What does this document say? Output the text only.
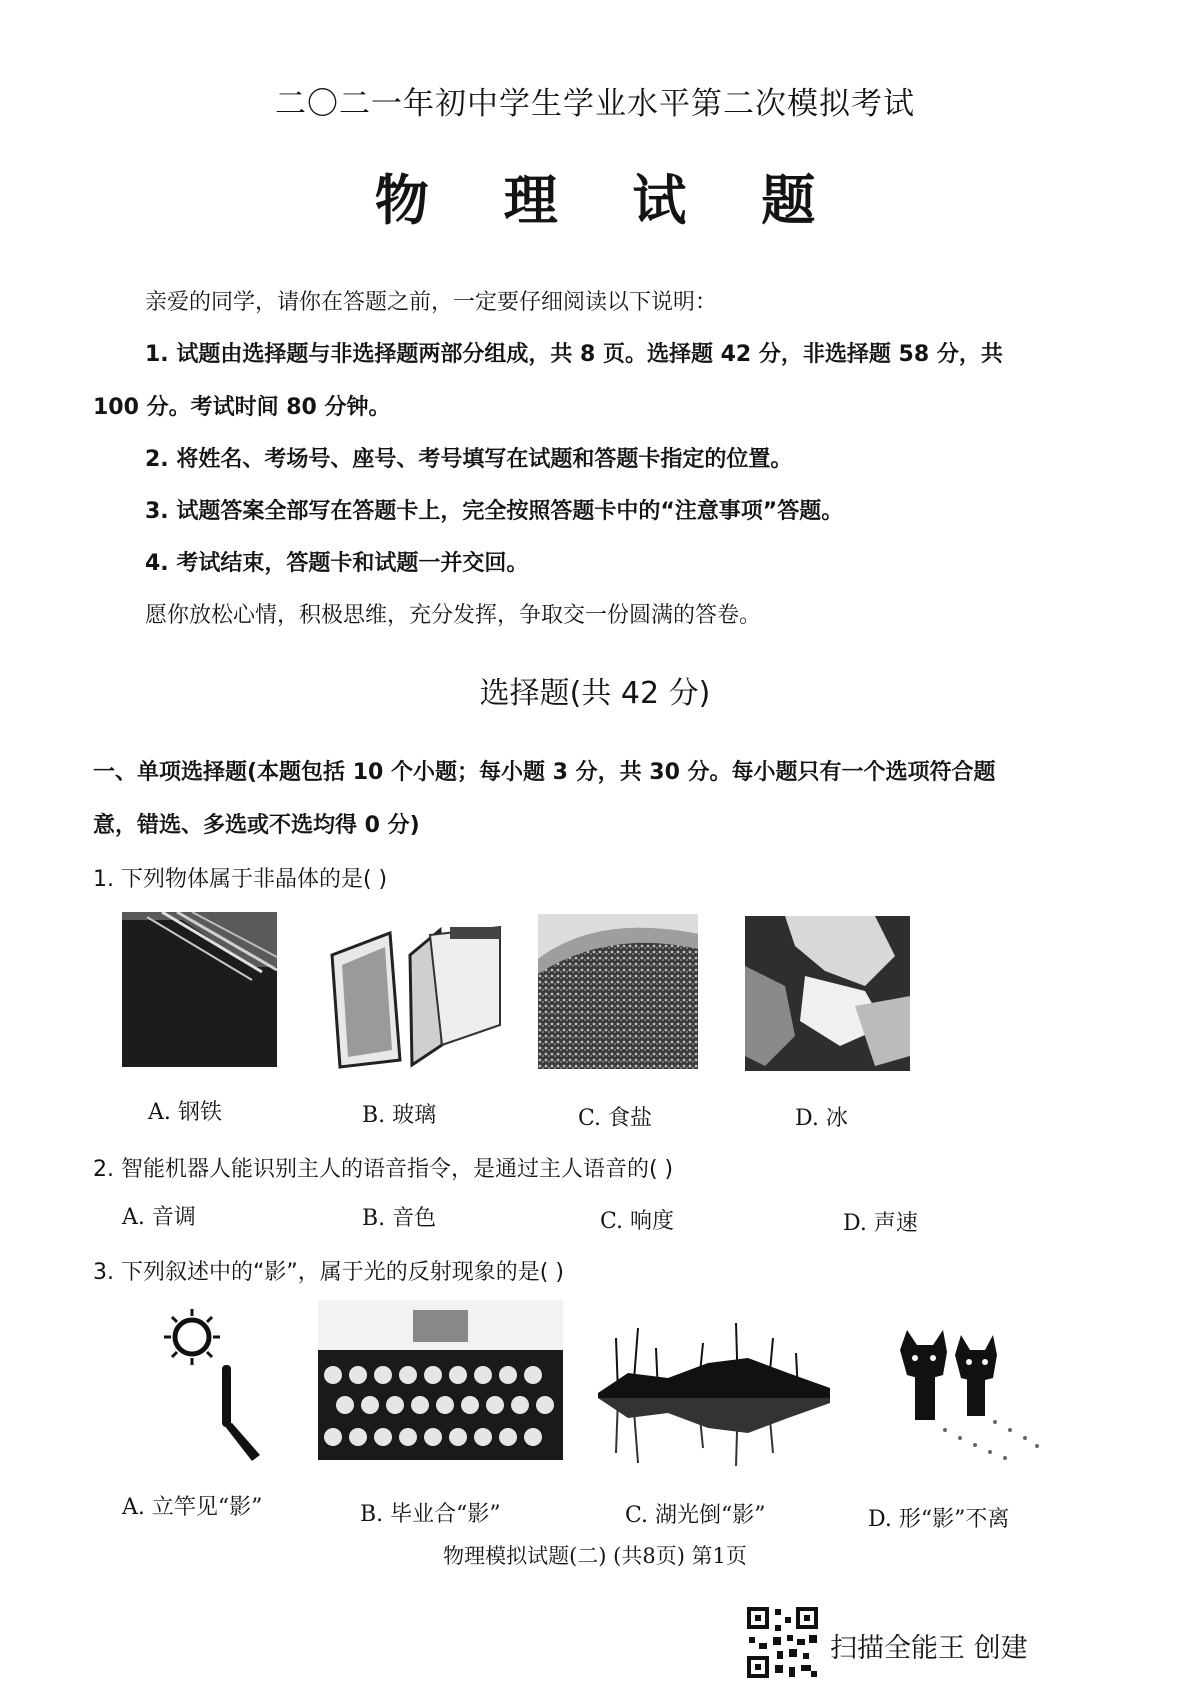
二〇二一年初中学生学业水平第二次模拟考试
物 理 试 题
亲爱的同学，请你在答题之前，一定要仔细阅读以下说明：
1. 试题由选择题与非选择题两部分组成，共 8 页。选择题 42 分，非选择题 58 分，共
100 分。考试时间 80 分钟。
2. 将姓名、考场号、座号、考号填写在试题和答题卡指定的位置。
3. 试题答案全部写在答题卡上，完全按照答题卡中的“注意事项”答题。
4. 考试结束，答题卡和试题一并交回。
愿你放松心情，积极思维，充分发挥，争取交一份圆满的答卷。
选择题(共 42 分)
一、单项选择题(本题包括 10 个小题；每小题 3 分，共 30 分。每小题只有一个选项符合题
意，错选、多选或不选均得 0 分)
1. 下列物体属于非晶体的是( )
A. 钢铁	B. 玻璃	C. 食盐	D. 冰
2. 智能机器人能识别主人的语音指令，是通过主人语音的( )
A. 音调	B. 音色	C. 响度	D. 声速
3. 下列叙述中的“影”，属于光的反射现象的是( )
A. 立竿见“影”	B. 毕业合“影”	C. 湖光倒“影”	D. 形“影”不离
物理模拟试题(二) (共8页) 第1页
扫描全能王 创建
